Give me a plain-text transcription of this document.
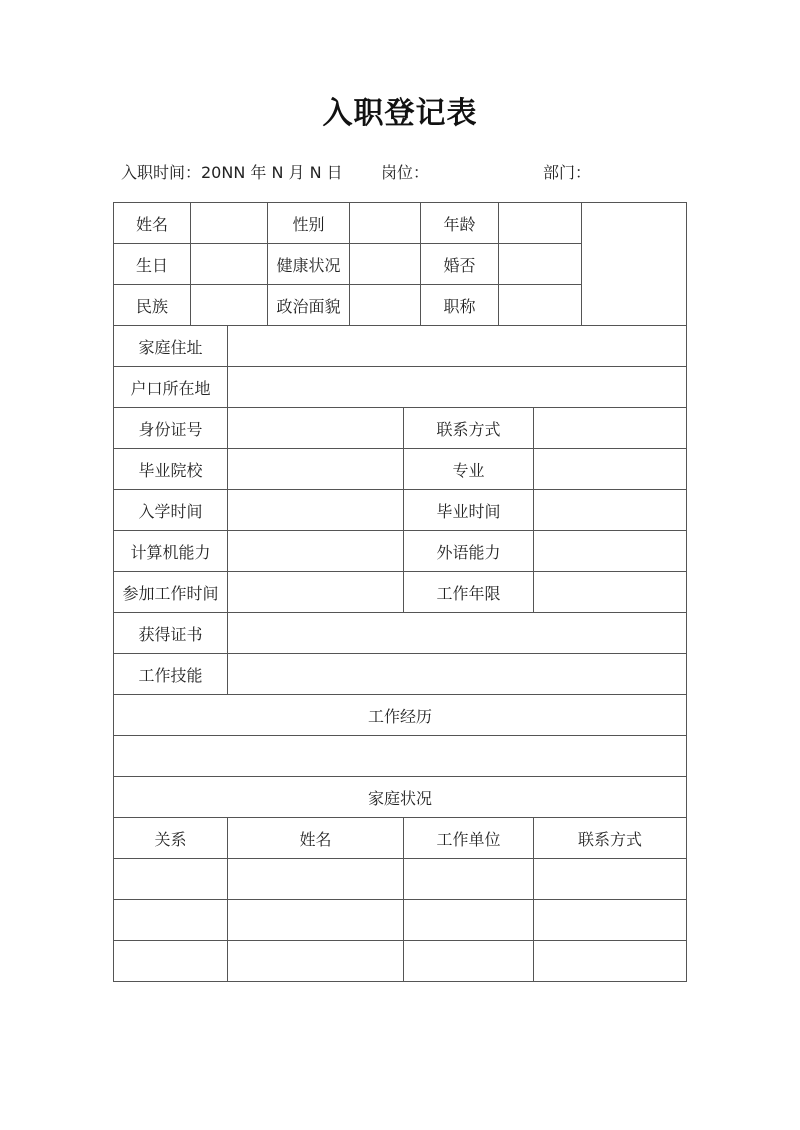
入职登记表
入职时间：20NN 年 N 月 N 日 岗位：	部门：
姓名			性别			年龄			
生日			健康状况			婚否			
民族			政治面貌			职称			
家庭住址									
户口所在地									
身份证号					联系方式				
毕业院校					专业				
入学时间					毕业时间				
计算机能力					外语能力				
参加工作时间					工作年限				
获得证书									
工作技能									
工作经历									

家庭状况									
关系		姓名			工作单位			联系方式	
